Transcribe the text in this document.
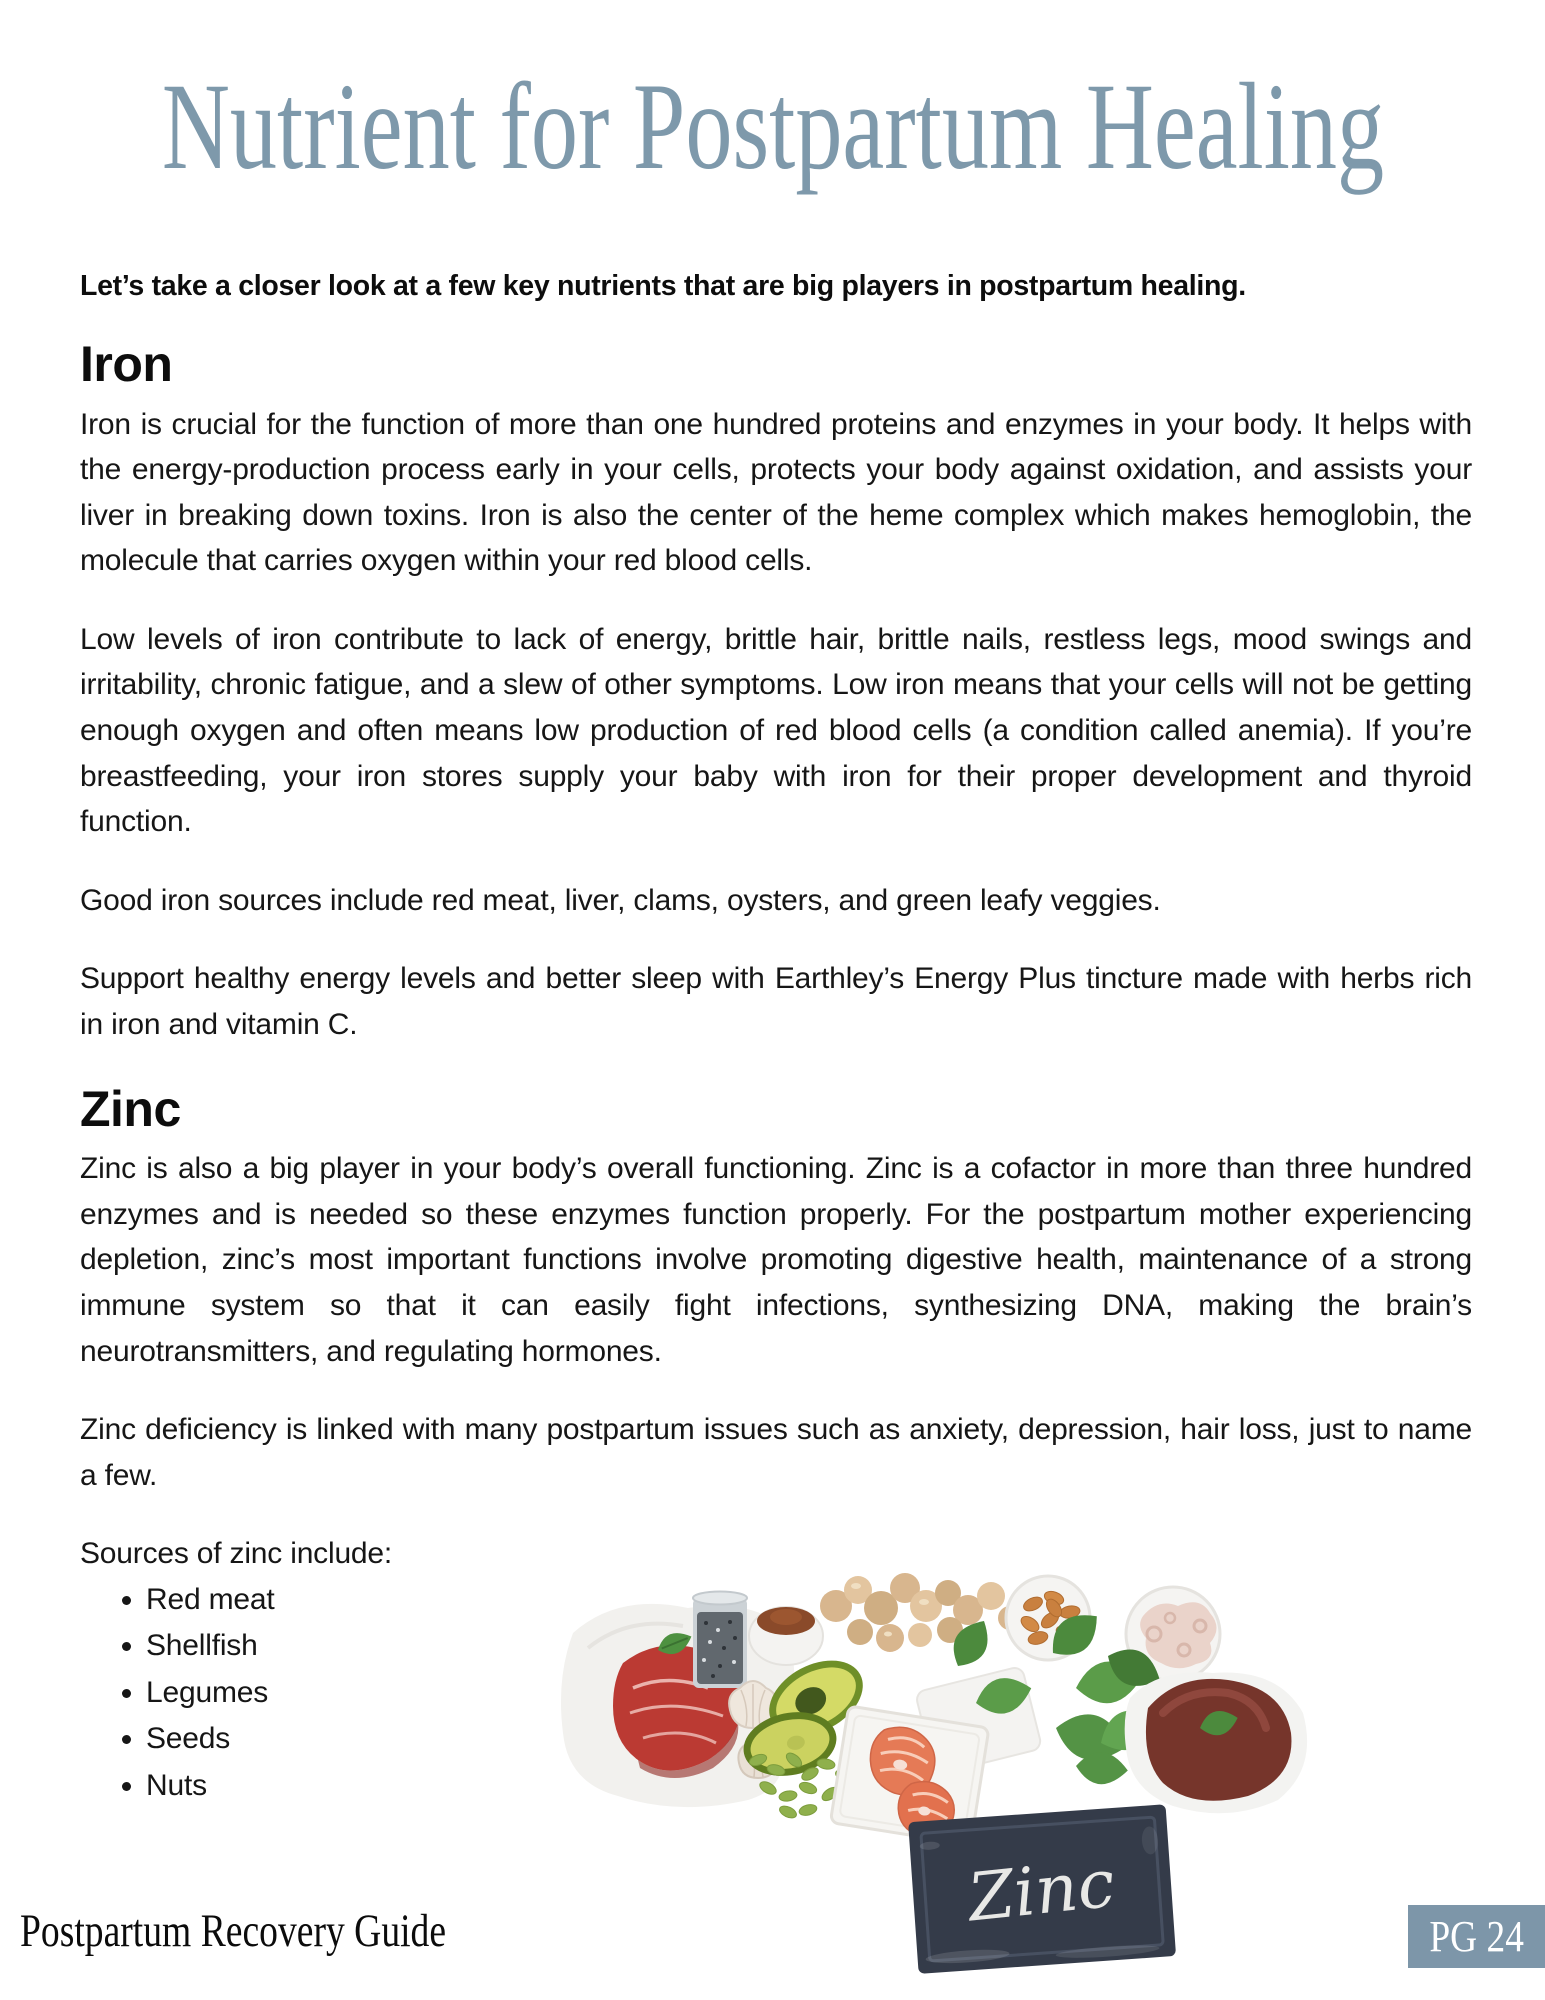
Nutrient for Postpartum Healing

Let’s take a closer look at a few key nutrients that are big players in postpartum healing.

Iron

Iron is crucial for the function of more than one hundred proteins and enzymes in your body. It helps with the energy-production process early in your cells, protects your body against oxidation, and assists your liver in breaking down toxins. Iron is also the center of the heme complex which makes hemoglobin, the molecule that carries oxygen within your red blood cells.

Low levels of iron contribute to lack of energy, brittle hair, brittle nails, restless legs, mood swings and irritability, chronic fatigue, and a slew of other symptoms. Low iron means that your cells will not be getting enough oxygen and often means low production of red blood cells (a condition called anemia). If you’re breastfeeding, your iron stores supply your baby with iron for their proper development and thyroid function.

Good iron sources include red meat, liver, clams, oysters, and green leafy veggies.

Support healthy energy levels and better sleep with Earthley’s Energy Plus tincture made with herbs rich in iron and vitamin C.

Zinc

Zinc is also a big player in your body’s overall functioning. Zinc is a cofactor in more than three hundred enzymes and is needed so these enzymes function properly. For the postpartum mother experiencing depletion, zinc’s most important functions involve promoting digestive health, maintenance of a strong immune system so that it can easily fight infections, synthesizing DNA, making the brain’s neurotransmitters, and regulating hormones.

Zinc deficiency is linked with many postpartum issues such as anxiety, depression, hair loss, just to name a few.

Sources of zinc include:

• Red meat
• Shellfish
• Legumes
• Seeds
• Nuts
Zinc
Postpartum Recovery Guide	PG 24
